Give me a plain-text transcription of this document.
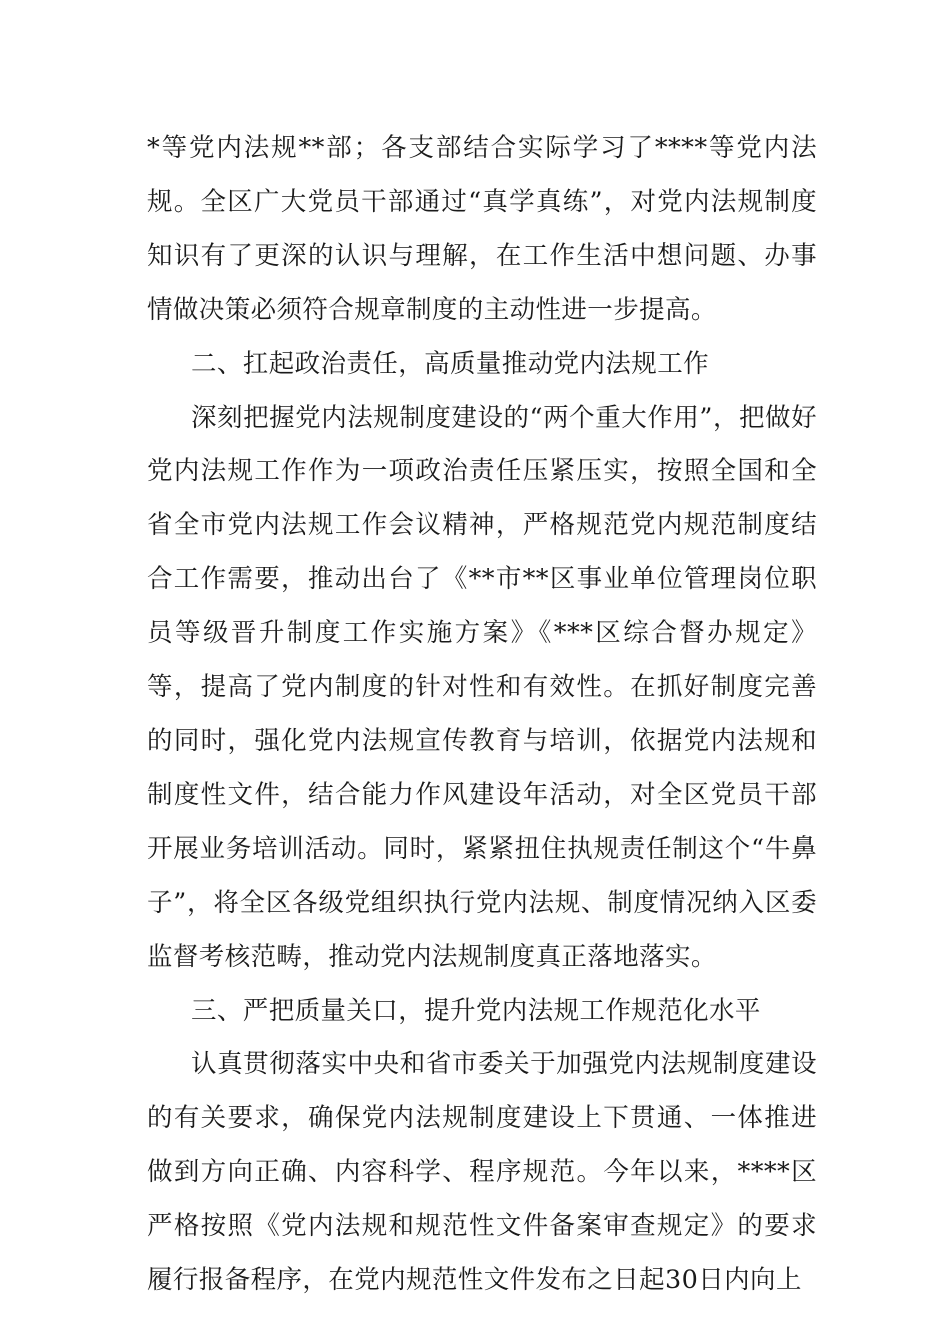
*等党内法规**部；各支部结合实际学习了****等党内法规。全区广大党员干部通过“真学真练”，对党内法规制度知识有了更深的认识与理解，在工作生活中想问题、办事情做决策必须符合规章制度的主动性进一步提高。

二、扛起政治责任，高质量推动党内法规工作

深刻把握党内法规制度建设的“两个重大作用”，把做好党内法规工作作为一项政治责任压紧压实，按照全国和全省全市党内法规工作会议精神，严格规范党内规范制度结合工作需要，推动出台了《**市**区事业单位管理岗位职员等级晋升制度工作实施方案》《***区综合督办规定》等，提高了党内制度的针对性和有效性。在抓好制度完善的同时，强化党内法规宣传教育与培训，依据党内法规和制度性文件，结合能力作风建设年活动，对全区党员干部开展业务培训活动。同时，紧紧扭住执规责任制这个“牛鼻子”，将全区各级党组织执行党内法规、制度情况纳入区委监督考核范畴，推动党内法规制度真正落地落实。

三、严把质量关口，提升党内法规工作规范化水平

认真贯彻落实中央和省市委关于加强党内法规制度建设的有关要求，确保党内法规制度建设上下贯通、一体推进做到方向正确、内容科学、程序规范。今年以来，****区严格按照《党内法规和规范性文件备案审查规定》的要求履行报备程序，在党内规范性文件发布之日起30日内向上
